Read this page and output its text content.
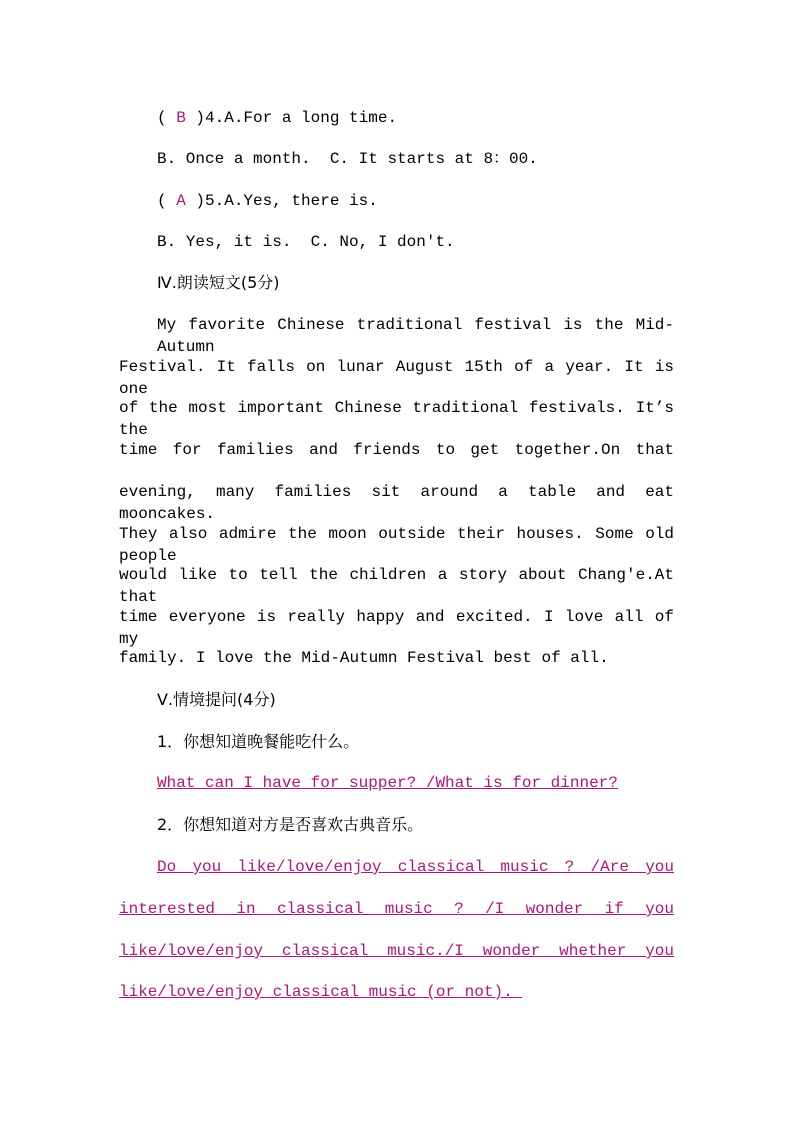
( B )4.A.For a long time.
B. Once a month.  C. It starts at 8：00.
( A )5.A.Yes, there is.
B. Yes, it is.  C. No, I don't.
Ⅳ.朗读短文(5分)
My favorite Chinese traditional festival is the Mid-Autumn
Festival. It falls on lunar August 15th of a year. It is one
of the most important Chinese traditional festivals. It’s the
time for families and friends to get together.On that
evening, many families sit around a table and eat mooncakes.
They also admire the moon outside their houses. Some old people
would like to tell the children a story about Chang'e.At that
time everyone is really happy and excited. I love all of my
family. I love the Mid-Autumn Festival best of all.
Ⅴ.情境提问(4分)
1．你想知道晚餐能吃什么。
What can I have for supper? /What is for dinner?
2．你想知道对方是否喜欢古典音乐。
Do you like/love/enjoy classical music ? /Are you
interested in classical music ? /I wonder if you
like/love/enjoy classical music./I wonder whether you
like/love/enjoy classical music (or not).
